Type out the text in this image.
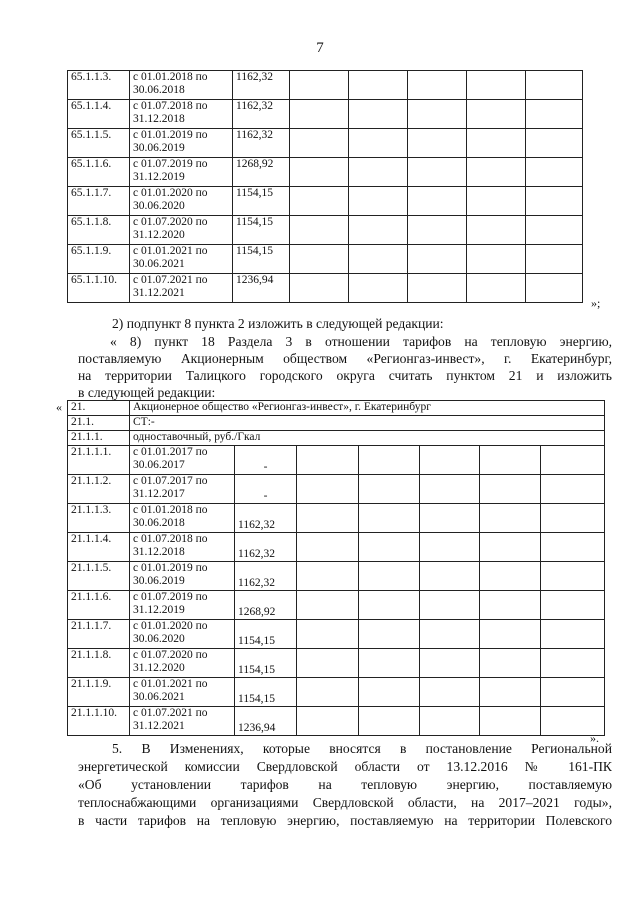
7
65.1.1.3.	с 01.01.2018 по
30.06.2018	1162,32					
65.1.1.4.	с 01.07.2018 по
31.12.2018	1162,32					
65.1.1.5.	с 01.01.2019 по
30.06.2019	1162,32					
65.1.1.6.	с 01.07.2019 по
31.12.2019	1268,92					
65.1.1.7.	с 01.01.2020 по
30.06.2020	1154,15					
65.1.1.8.	с 01.07.2020 по
31.12.2020	1154,15					
65.1.1.9.	с 01.01.2021 по
30.06.2021	1154,15					
65.1.1.10.	с 01.07.2021 по
31.12.2021	1236,94					
»;
2) подпункт 8 пункта 2 изложить в следующей редакции:
« 8) пункт 18 Раздела 3 в отношении тарифов на тепловую энергию,
поставляемую Акционерным обществом «Регионгаз-инвест», г. Екатеринбург,
на территории Талицкого городского округа считать пунктом 21 и изложить
в следующей редакции:
« 21.	Акционерное общество «Регионгаз-инвест», г. Екатеринбург						
21.1.	СТ:-						
21.1.1.	одноставочный, руб./Гкал						
21.1.1.1.	с 01.01.2017 по
30.06.2017	-					
21.1.1.2.	с 01.07.2017 по
31.12.2017	-					
21.1.1.3.	с 01.01.2018 по
30.06.2018	1162,32					
21.1.1.4.	с 01.07.2018 по
31.12.2018	1162,32					
21.1.1.5.	с 01.01.2019 по
30.06.2019	1162,32					
21.1.1.6.	с 01.07.2019 по
31.12.2019	1268,92					
21.1.1.7.	с 01.01.2020 по
30.06.2020	1154,15					
21.1.1.8.	с 01.07.2020 по
31.12.2020	1154,15					
21.1.1.9.	с 01.01.2021 по
30.06.2021	1154,15					
21.1.1.10.	с 01.07.2021 по
31.12.2021	1236,94					
».
5. В Изменениях, которые вносятся в постановление Региональной
энергетической комиссии Свердловской области от 13.12.2016 № 161-ПК
«Об установлении тарифов на тепловую энергию, поставляемую
теплоснабжающими организациями Свердловской области, на 2017–2021 годы»,
в части тарифов на тепловую энергию, поставляемую на территории Полевского
